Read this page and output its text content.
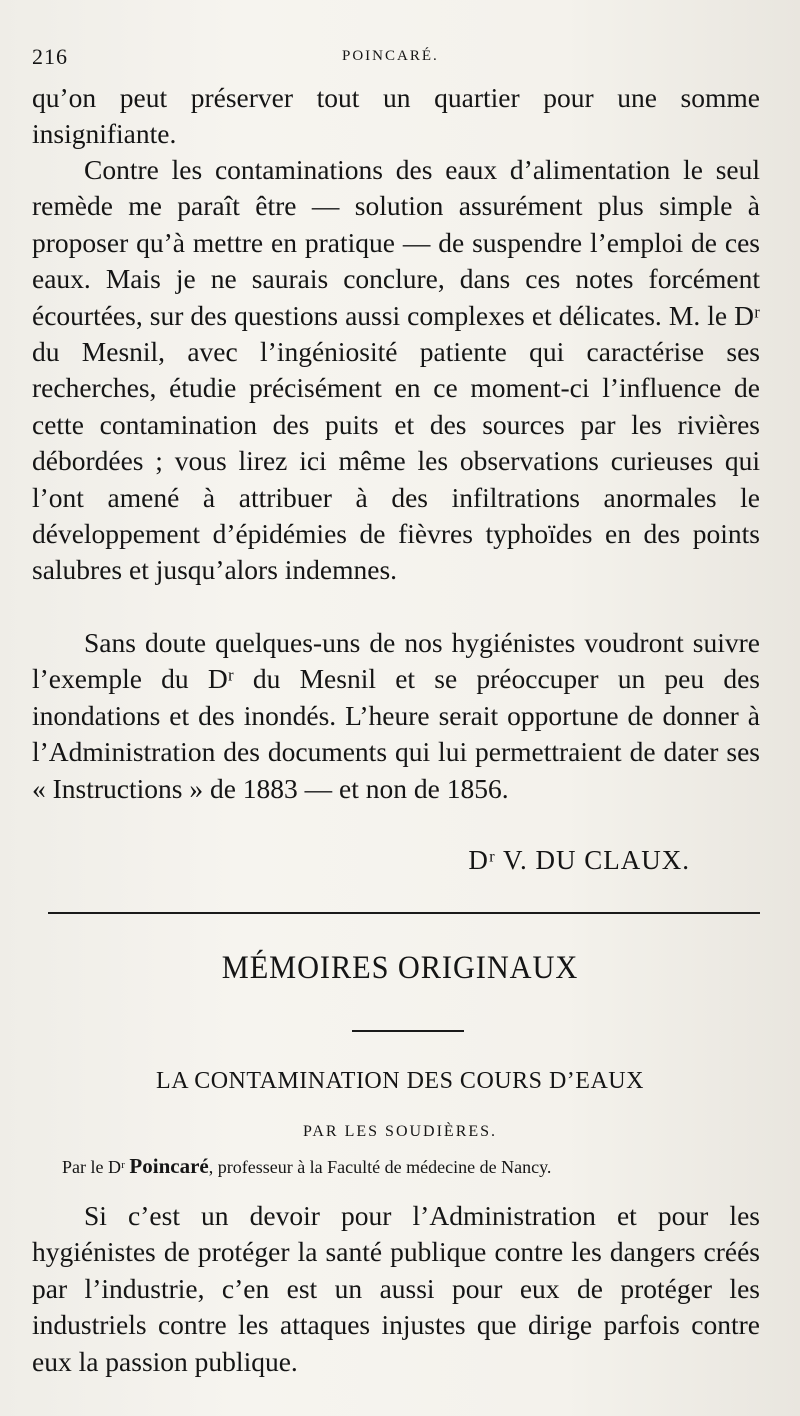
216	POINCARÉ.

qu’on peut préserver tout un quartier pour une somme insignifiante.

Contre les contaminations des eaux d’alimentation le seul remède me paraît être — solution assurément plus simple à proposer qu’à mettre en pratique — de suspendre l’emploi de ces eaux. Mais je ne saurais conclure, dans ces notes forcément écourtées, sur des questions aussi complexes et délicates. M. le Dʳ du Mesnil, avec l’ingéniosité patiente qui caractérise ses recherches, étudie précisément en ce moment-ci l’influence de cette contamination des puits et des sources par les rivières débordées ; vous lirez ici même les observations curieuses qui l’ont amené à attribuer à des infiltrations anormales le développement d’épidémies de fièvres typhoïdes en des points salubres et jusqu’alors indemnes.

Sans doute quelques-uns de nos hygiénistes voudront suivre l’exemple du Dʳ du Mesnil et se préoccuper un peu des inondations et des inondés. L’heure serait opportune de donner à l’Administration des documents qui lui permettraient de dater ses « Instructions » de 1883 — et non de 1856.

Dʳ V. DU CLAUX.
MÉMOIRES ORIGINAUX
LA CONTAMINATION DES COURS D’EAUX
PAR LES SOUDIÈRES.
Par le Dʳ Poincaré, professeur à la Faculté de médecine de Nancy.

Si c’est un devoir pour l’Administration et pour les hygiénistes de protéger la santé publique contre les dangers créés par l’industrie, c’en est un aussi pour eux de protéger les industriels contre les attaques injustes que dirige parfois contre eux la passion publique.
